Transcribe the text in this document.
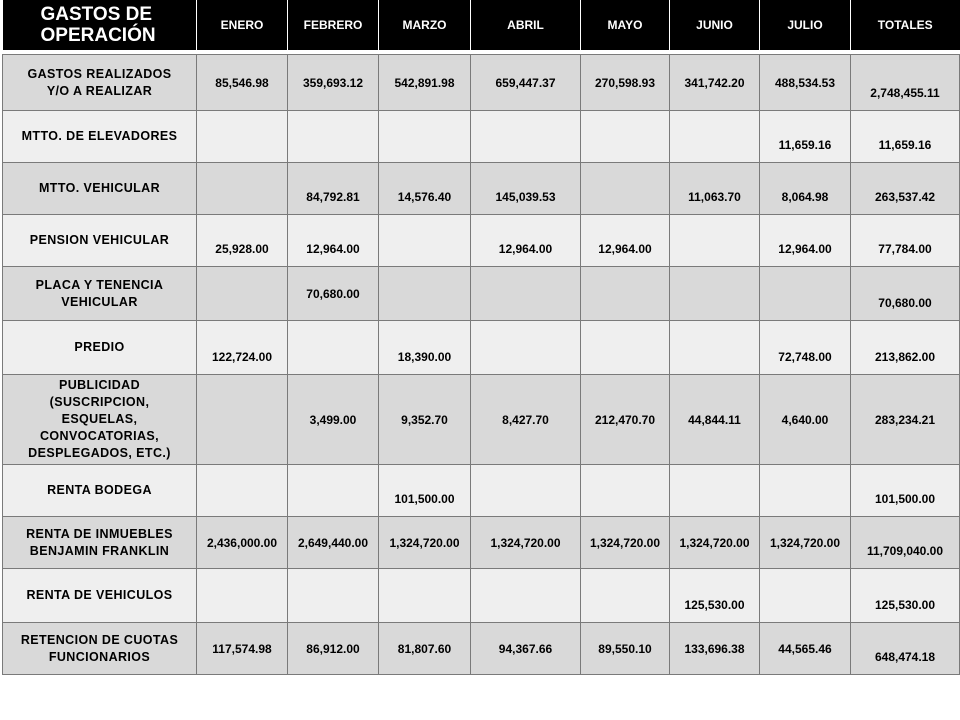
GASTOS DE
OPERACIÓN	ENERO	FEBRERO	MARZO	ABRIL	MAYO	JUNIO	JULIO	TOTALES

GASTOS REALIZADOS
Y/O A REALIZAR	85,546.98	359,693.12	542,891.98	659,447.37	270,598.93	341,742.20	488,534.53	2,748,455.11
MTTO. DE ELEVADORES							11,659.16	11,659.16
MTTO. VEHICULAR		84,792.81	14,576.40	145,039.53		11,063.70	8,064.98	263,537.42
PENSION VEHICULAR	25,928.00	12,964.00		12,964.00	12,964.00		12,964.00	77,784.00
PLACA Y TENENCIA
VEHICULAR		70,680.00						70,680.00
PREDIO	122,724.00		18,390.00				72,748.00	213,862.00
PUBLICIDAD
(SUSCRIPCION,
ESQUELAS,
CONVOCATORIAS,
DESPLEGADOS, ETC.)		3,499.00	9,352.70	8,427.70	212,470.70	44,844.11	4,640.00	283,234.21
RENTA BODEGA			101,500.00					101,500.00
RENTA DE INMUEBLES
BENJAMIN FRANKLIN	2,436,000.00	2,649,440.00	1,324,720.00	1,324,720.00	1,324,720.00	1,324,720.00	1,324,720.00	11,709,040.00
RENTA DE VEHICULOS						125,530.00		125,530.00
RETENCION DE CUOTAS
FUNCIONARIOS	117,574.98	86,912.00	81,807.60	94,367.66	89,550.10	133,696.38	44,565.46	648,474.18
